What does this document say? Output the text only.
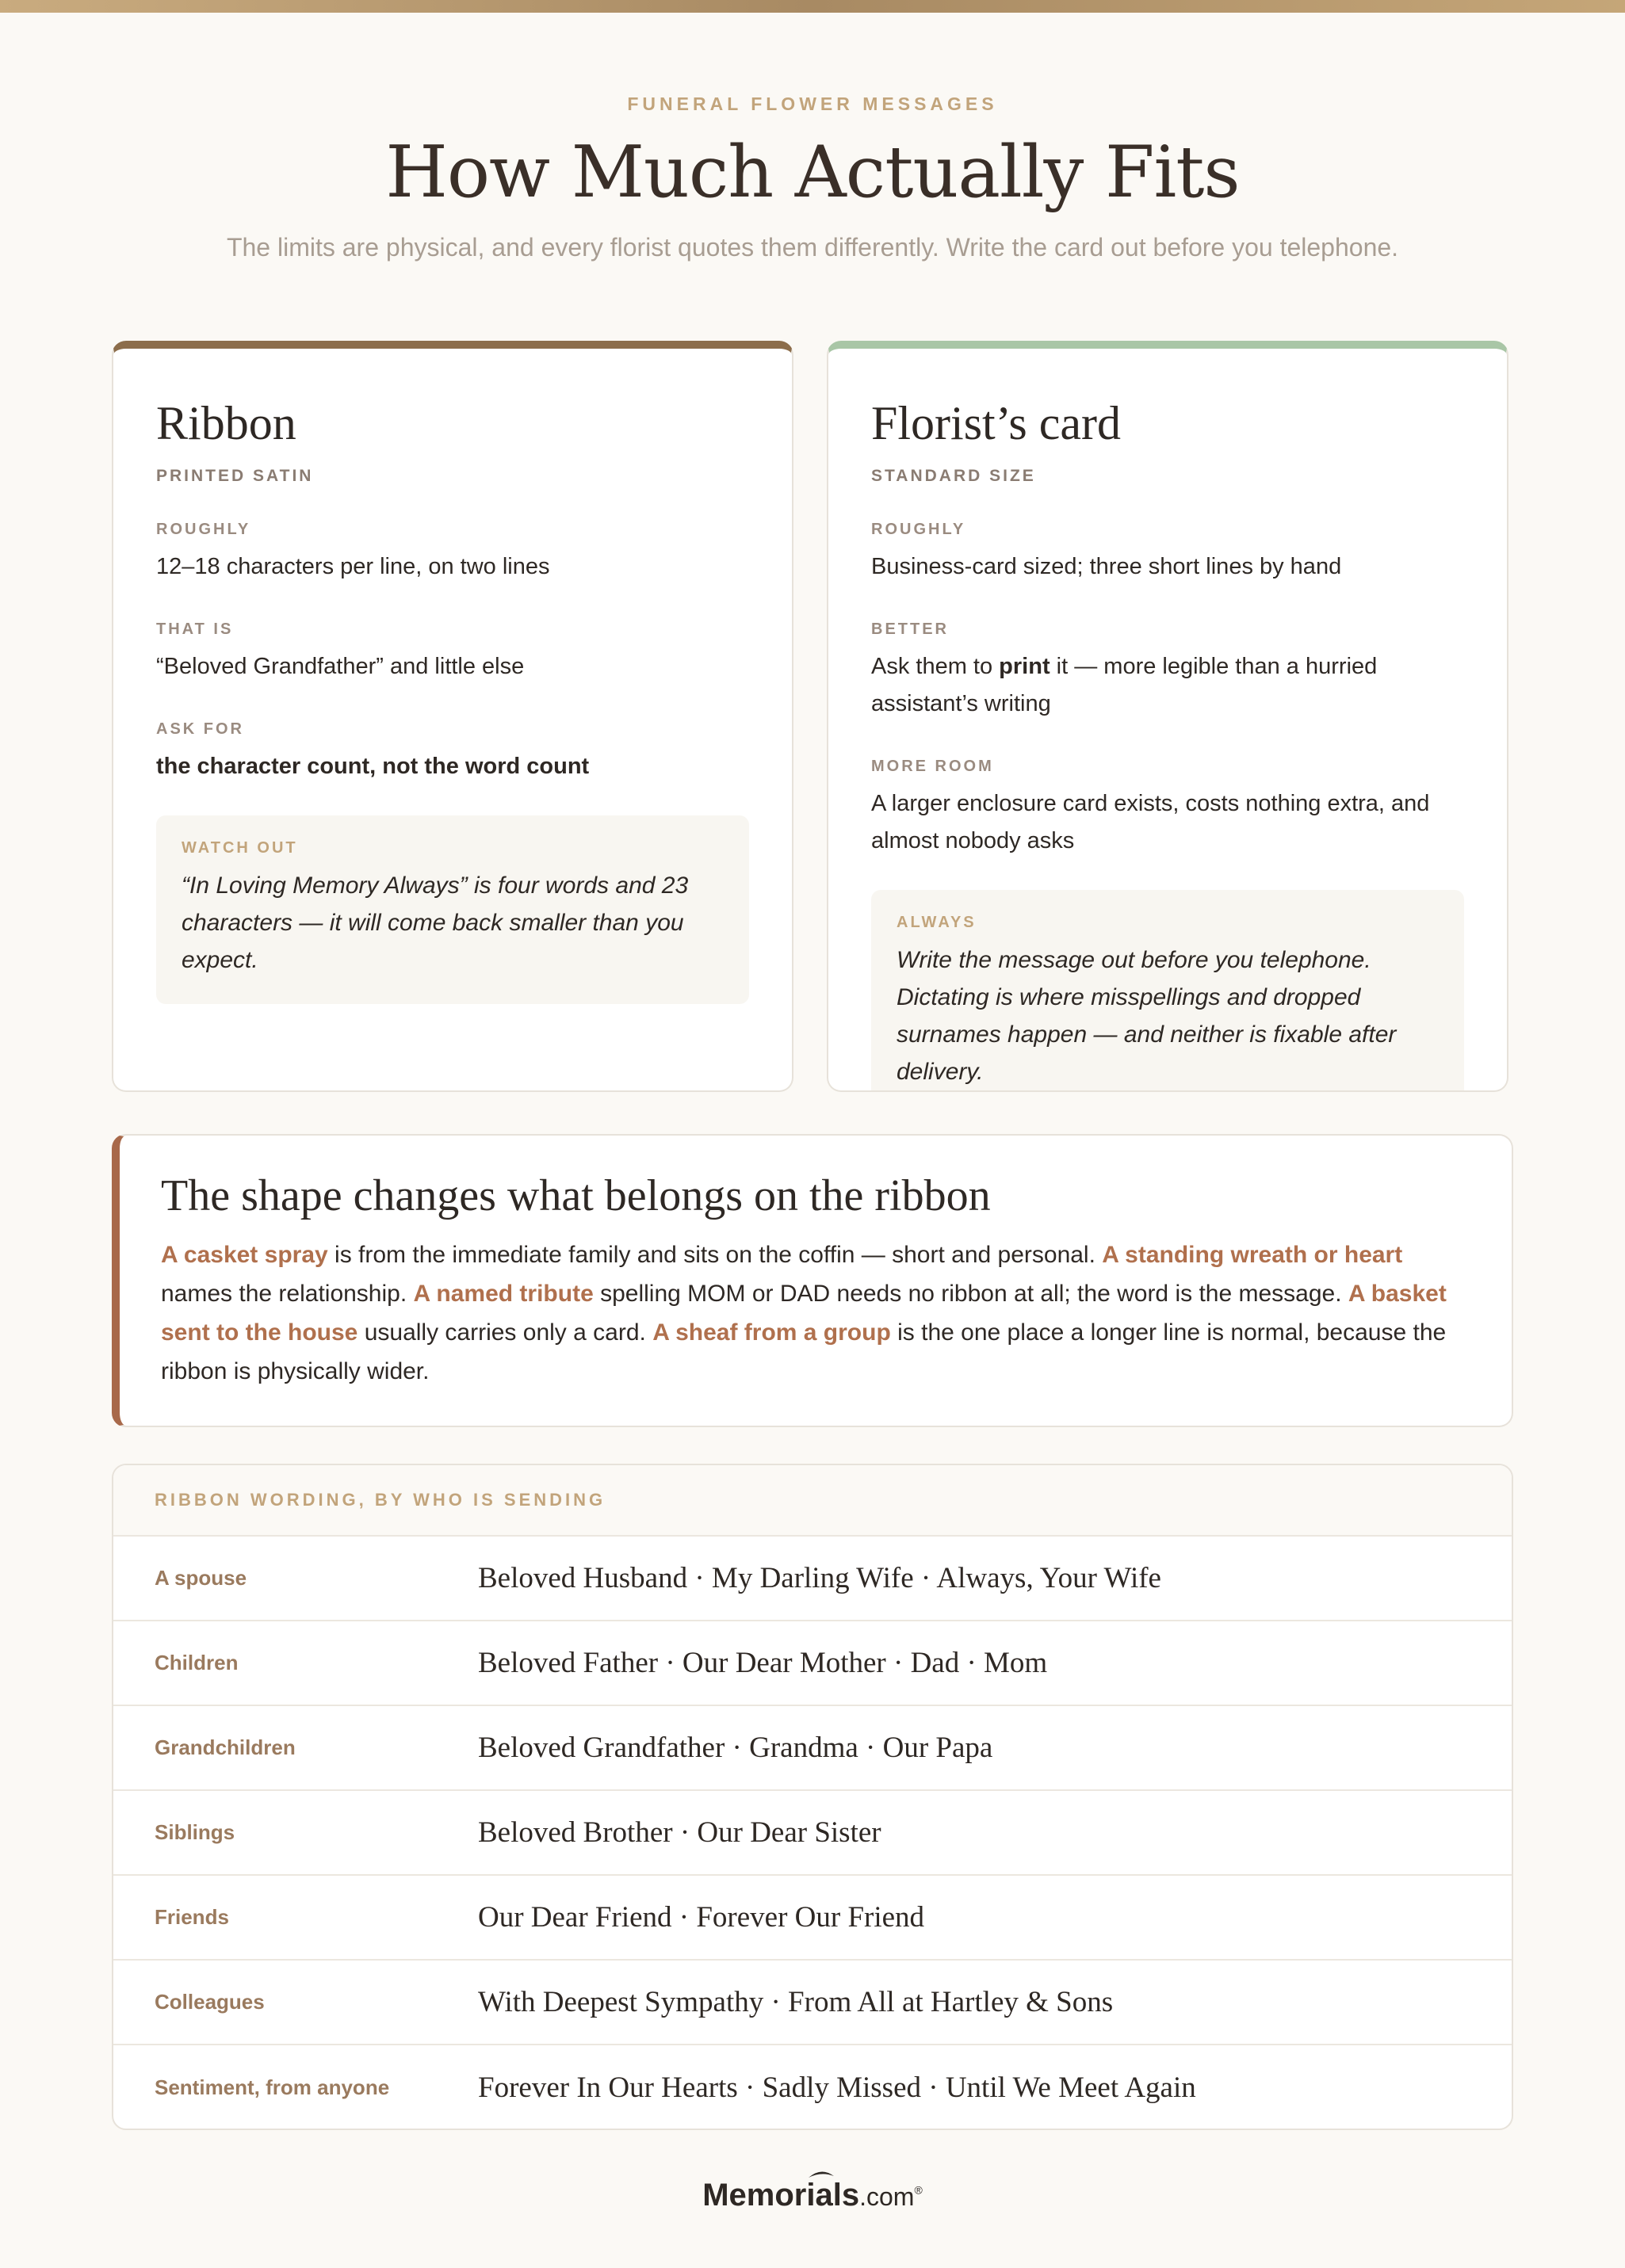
FUNERAL FLOWER MESSAGES
How Much Actually Fits
The limits are physical, and every florist quotes them differently. Write the card out before you telephone.
Ribbon
PRINTED SATIN
ROUGHLY
12–18 characters per line, on two lines
THAT IS
“Beloved Grandfather” and little else
ASK FOR
the character count, not the word count
WATCH OUT
“In Loving Memory Always” is four words and 23 characters — it will come back smaller than you expect.
Florist’s card
STANDARD SIZE
ROUGHLY
Business-card sized; three short lines by hand
BETTER
Ask them to print it — more legible than a hurried assistant’s writing
MORE ROOM
A larger enclosure card exists, costs nothing extra, and almost nobody asks
ALWAYS
Write the message out before you telephone. Dictating is where misspellings and dropped surnames happen — and neither is fixable after delivery.
The shape changes what belongs on the ribbon

A casket spray is from the immediate family and sits on the coffin — short and personal. A standing wreath or heart names the relationship. A named tribute spelling MOM or DAD needs no ribbon at all; the word is the message. A basket sent to the house usually carries only a card. A sheaf from a group is the one place a longer line is normal, because the ribbon is physically wider.

RIBBON WORDING, BY WHO IS SENDING
A spouse	Beloved Husband · My Darling Wife · Always, Your Wife
Children	Beloved Father · Our Dear Mother · Dad · Mom
Grandchildren	Beloved Grandfather · Grandma · Our Papa
Siblings	Beloved Brother · Our Dear Sister
Friends	Our Dear Friend · Forever Our Friend
Colleagues	With Deepest Sympathy · From All at Hartley & Sons
Sentiment, from anyone	Forever In Our Hearts · Sadly Missed · Until We Meet Again
Memorials.com®
